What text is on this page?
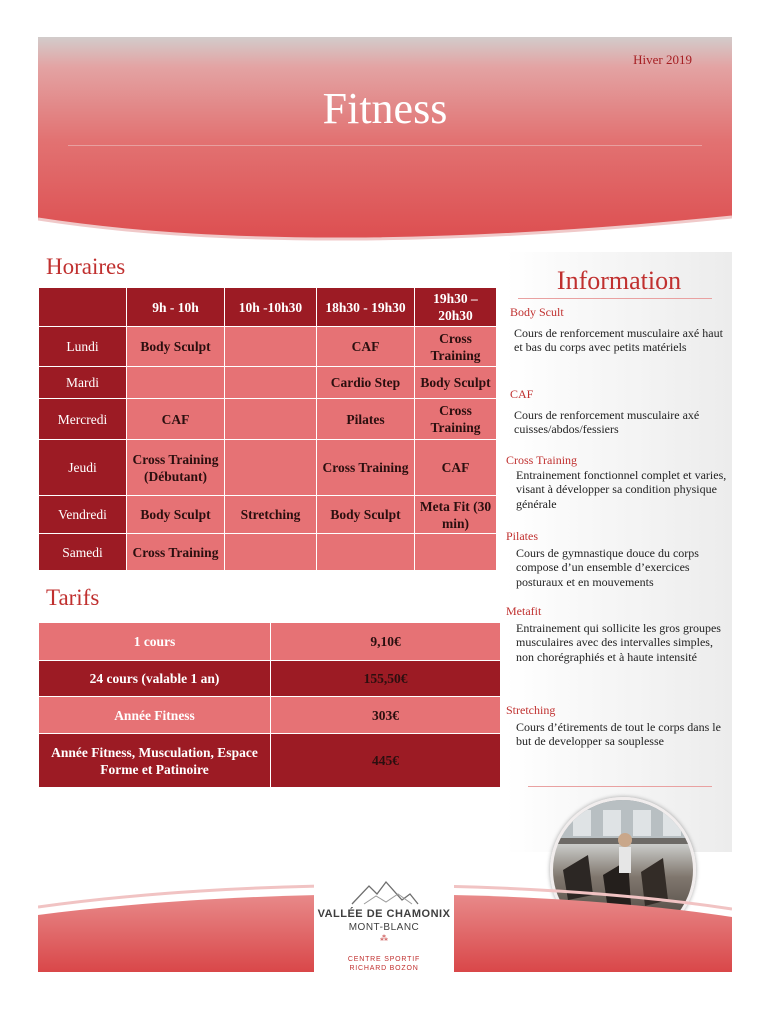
Hiver 2019
Fitness
Information
Body Scult
Cours de renforcement musculaire axé haut et bas du corps avec petits matériels
CAF
Cours de renforcement musculaire axé cuisses/abdos/fessiers
Cross Training
Entrainement fonctionnel complet et varies, visant à développer sa condition physique générale
Pilates
Cours de gymnastique douce du corps compose d’un ensemble d’exercices posturaux et en mouvements
Metafit
Entrainement qui sollicite les gros groupes musculaires avec des intervalles simples, non chorégraphiés et à haute intensité
Stretching
Cours d’étirements de tout le corps dans le but de developper sa souplesse
Horaires
	9h - 10h	10h -10h30	18h30 - 19h30	19h30 – 20h30
Lundi	Body Sculpt		CAF	Cross Training
Mardi			Cardio Step	Body Sculpt
Mercredi	CAF		Pilates	Cross Training
Jeudi	Cross Training (Débutant)		Cross Training	CAF
Vendredi	Body Sculpt	Stretching	Body Sculpt	Meta Fit (30 min)
Samedi	Cross Training			
Tarifs
1 cours	9,10€
24 cours (valable 1 an)	155,50€
Année Fitness	303€
Année Fitness, Musculation, Espace Forme et Patinoire	445€
VALLÉE DE CHAMONIX
MONT-BLANC
⁂
CENTRE SPORTIF
RICHARD BOZON
